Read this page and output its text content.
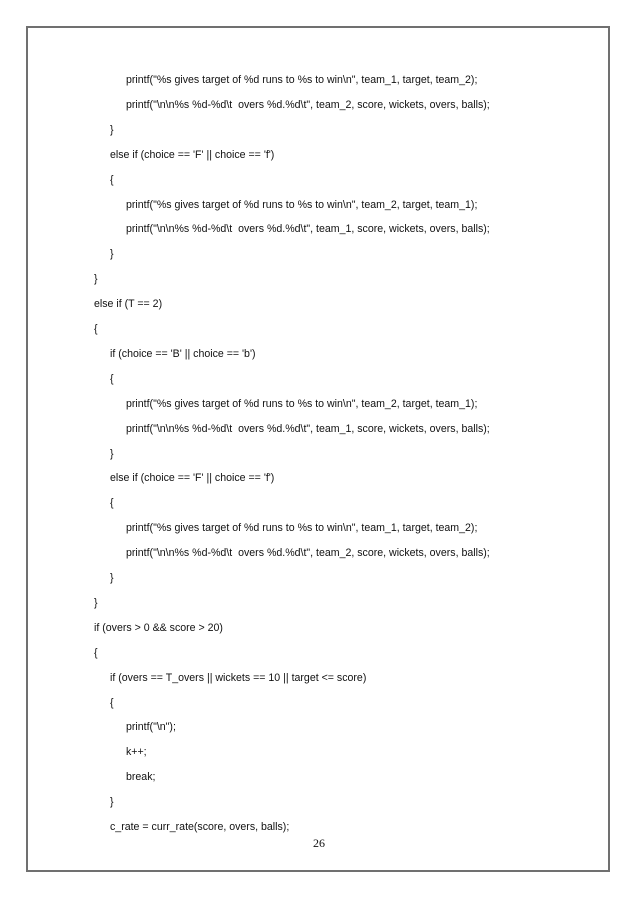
printf("%s gives target of %d runs to %s to win\n", team_1, target, team_2);
printf("\n\n%s %d-%d\t  overs %d.%d\t", team_2, score, wickets, overs, balls);
}
else if (choice == 'F' || choice == 'f')
{
printf("%s gives target of %d runs to %s to win\n", team_2, target, team_1);
printf("\n\n%s %d-%d\t  overs %d.%d\t", team_1, score, wickets, overs, balls);
}
}
else if (T == 2)
{
if (choice == 'B' || choice == 'b')
{
printf("%s gives target of %d runs to %s to win\n", team_2, target, team_1);
printf("\n\n%s %d-%d\t  overs %d.%d\t", team_1, score, wickets, overs, balls);
}
else if (choice == 'F' || choice == 'f')
{
printf("%s gives target of %d runs to %s to win\n", team_1, target, team_2);
printf("\n\n%s %d-%d\t  overs %d.%d\t", team_2, score, wickets, overs, balls);
}
}
if (overs > 0 && score > 20)
{
if (overs == T_overs || wickets == 10 || target <= score)
{
printf("\n");
k++;
break;
}
c_rate = curr_rate(score, overs, balls);
26
